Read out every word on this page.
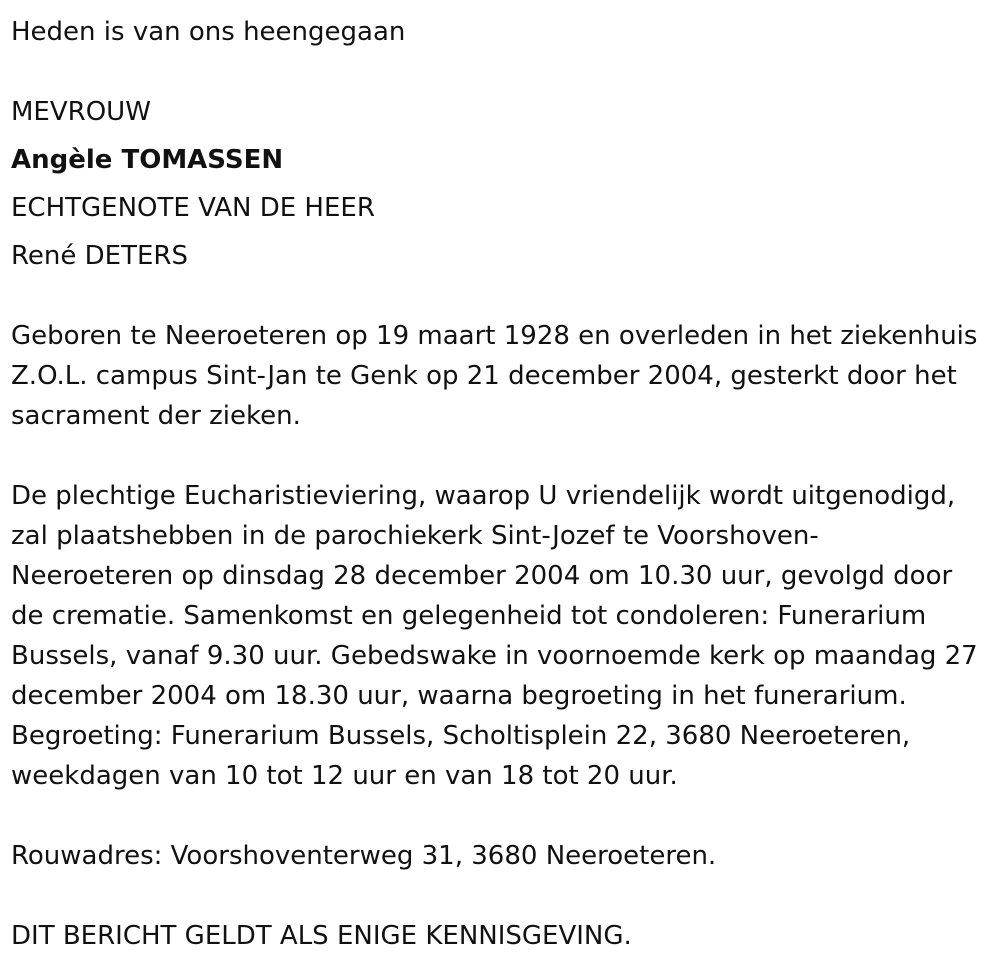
Heden is van ons heengegaan
MEVROUW
Angèle TOMASSEN
ECHTGENOTE VAN DE HEER
René DETERS
Geboren te Neeroeteren op 19 maart 1928 en overleden in het ziekenhuis
Z.O.L. campus Sint-Jan te Genk op 21 december 2004, gesterkt door het
sacrament der zieken.
De plechtige Eucharistieviering, waarop U vriendelijk wordt uitgenodigd,
zal plaatshebben in de parochiekerk Sint-Jozef te Voorshoven-
Neeroeteren op dinsdag 28 december 2004 om 10.30 uur, gevolgd door
de crematie. Samenkomst en gelegenheid tot condoleren: Funerarium
Bussels, vanaf 9.30 uur. Gebedswake in voornoemde kerk op maandag 27
december 2004 om 18.30 uur, waarna begroeting in het funerarium.
Begroeting: Funerarium Bussels, Scholtisplein 22, 3680 Neeroeteren,
weekdagen van 10 tot 12 uur en van 18 tot 20 uur.
Rouwadres: Voorshoventerweg 31, 3680 Neeroeteren.
DIT BERICHT GELDT ALS ENIGE KENNISGEVING.
